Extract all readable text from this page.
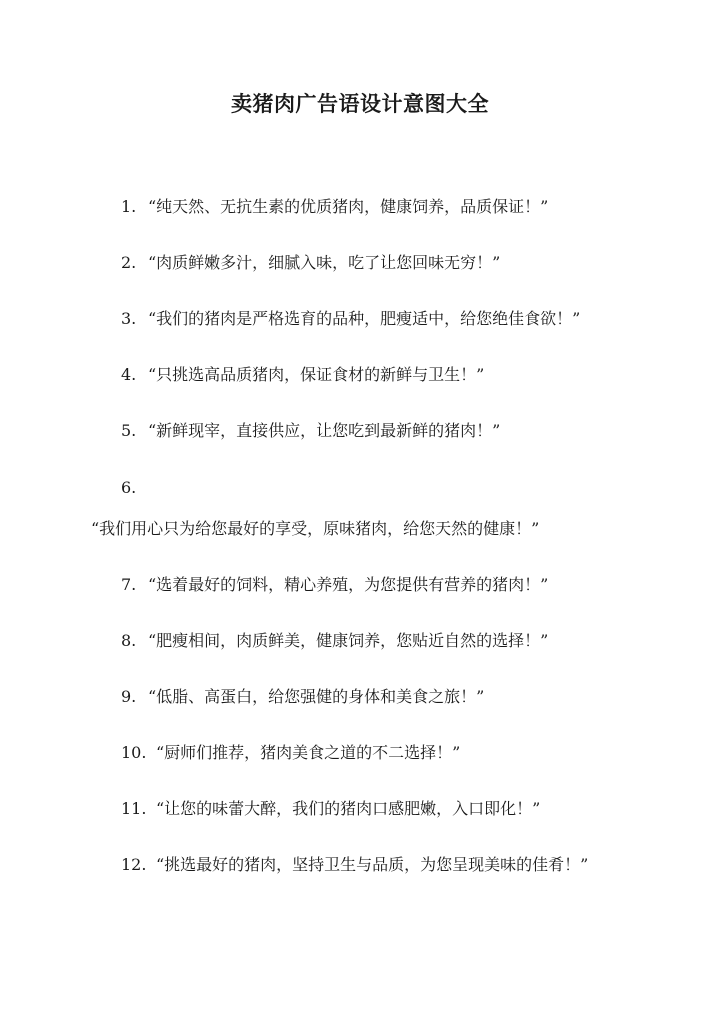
卖猪肉广告语设计意图大全
1. “纯天然、无抗生素的优质猪肉，健康饲养，品质保证！”
2. “肉质鲜嫩多汁，细腻入味，吃了让您回味无穷！”
3. “我们的猪肉是严格选育的品种，肥瘦适中，给您绝佳食欲！”
4. “只挑选高品质猪肉，保证食材的新鲜与卫生！”
5. “新鲜现宰，直接供应，让您吃到最新鲜的猪肉！”
6.
“我们用心只为给您最好的享受，原味猪肉，给您天然的健康！”
7. “选着最好的饲料，精心养殖，为您提供有营养的猪肉！”
8. “肥瘦相间，肉质鲜美，健康饲养，您贴近自然的选择！”
9. “低脂、高蛋白，给您强健的身体和美食之旅！”
10. “厨师们推荐，猪肉美食之道的不二选择！”
11. “让您的味蕾大醉，我们的猪肉口感肥嫩，入口即化！”
12. “挑选最好的猪肉，坚持卫生与品质，为您呈现美味的佳肴！”
